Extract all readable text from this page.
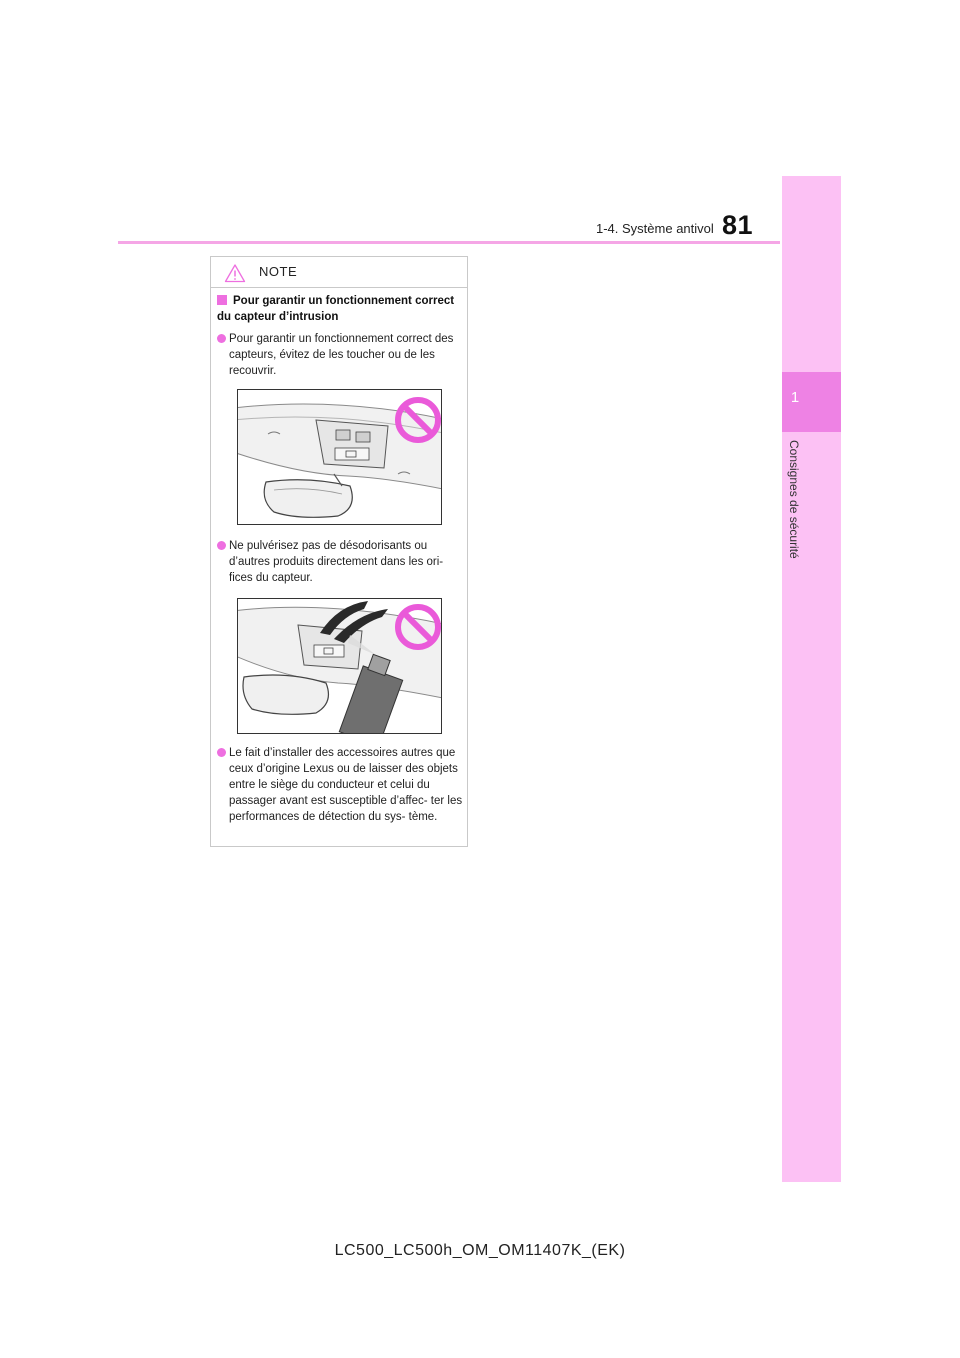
1-4. Système antivol 81
1
Consignes de sécurité
NOTE
Pour garantir un fonctionnement correct du capteur d’intrusion
Pour garantir un fonctionnement correct des capteurs, évitez de les toucher ou de les recouvrir.
Ne pulvérisez pas de désodorisants ou d’autres produits directement dans les ori- fices du capteur.
Le fait d’installer des accessoires autres que ceux d’origine Lexus ou de laisser des objets entre le siège du conducteur et celui du passager avant est susceptible d’affec- ter les performances de détection du sys- tème.
LC500_LC500h_OM_OM11407K_(EK)
